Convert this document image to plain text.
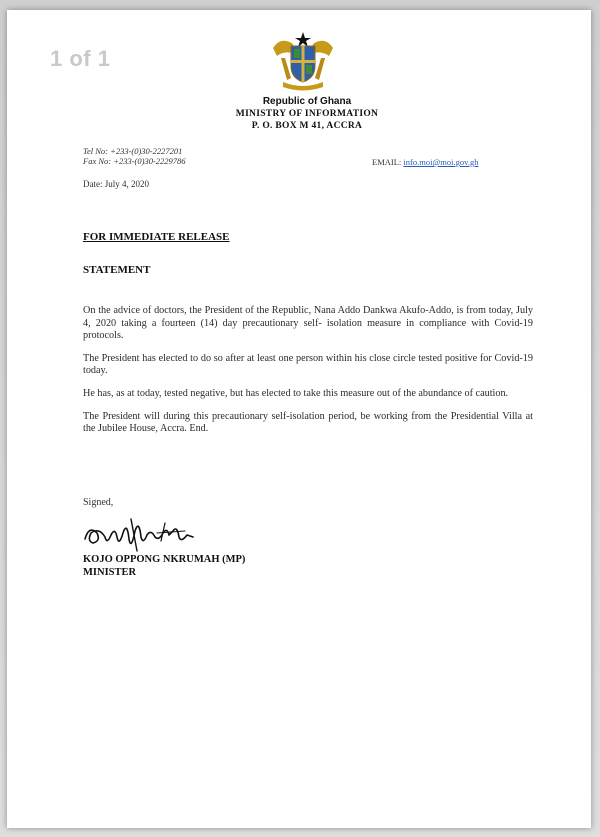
1 of 1
Republic of Ghana
MINISTRY OF INFORMATION
P. O. BOX M 41, ACCRA
Tel No: +233-(0)30-2227201
Fax No: +233-(0)30-2229786	EMAIL: info.moi@moi.gov.gh
Date: July 4, 2020
FOR IMMEDIATE RELEASE
STATEMENT

On the advice of doctors, the President of the Republic, Nana Addo Dankwa Akufo-Addo, is from today, July 4, 2020 taking a fourteen (14) day precautionary self- isolation measure in compliance with Covid-19 protocols.

The President has elected to do so after at least one person within his close circle tested positive for Covid-19 today.

He has, as at today, tested negative, but has elected to take this measure out of the abundance of caution.

The President will during this precautionary self-isolation period, be working from the Presidential Villa at the Jubilee House, Accra. End.

Signed,
KOJO OPPONG NKRUMAH (MP)
MINISTER
